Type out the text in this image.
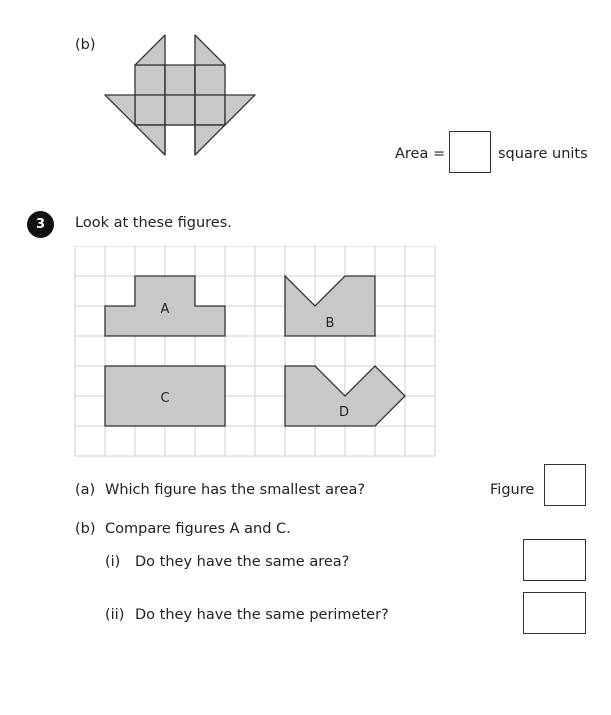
(b)
Area =	square units
3	Look at these figures.
A
B
C
D
(a) Which figure has the smallest area?	Figure
(b) Compare figures A and C.
(i) Do they have the same area?
(ii) Do they have the same perimeter?
